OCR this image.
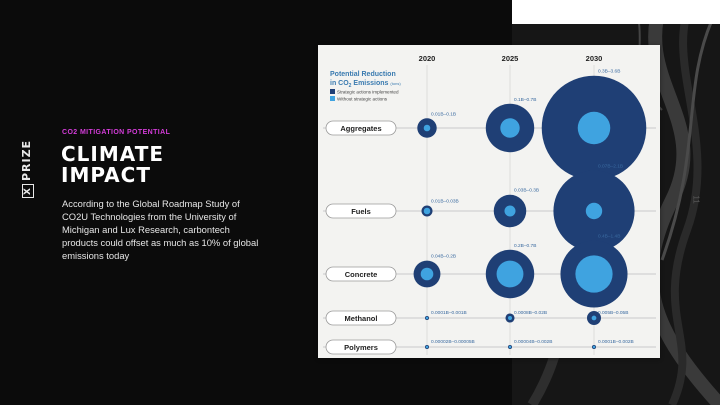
XPRIZE
CO2 MITIGATION POTENTIAL
CLIMATE IMPACT
According to the Global Roadmap Study of CO2U Technologies from the University of Michigan and Lux Research, carbontech products could offset as much as 10% of global emissions today
11
Potential Reduction
in $CO_2$ Emissions (tons)
Strategic actions implemented
Without strategic actions
2020	2025	2030
Aggregates
0.01B–0.1B
0.1B–0.7B
0.3B–3.6B
Fuels
0.01B–0.03B
0.03B–0.3B
0.07B–2.1B
Concrete
0.04B–0.2B
0.2B–0.7B
0.4B–1.4B
Methanol
0.0001B–0.001B	0.0008B–0.02B	0.005B–0.05B
Polymers
0.00002B–0.00005B	0.00004B–0.002B	0.0001B–0.002B
